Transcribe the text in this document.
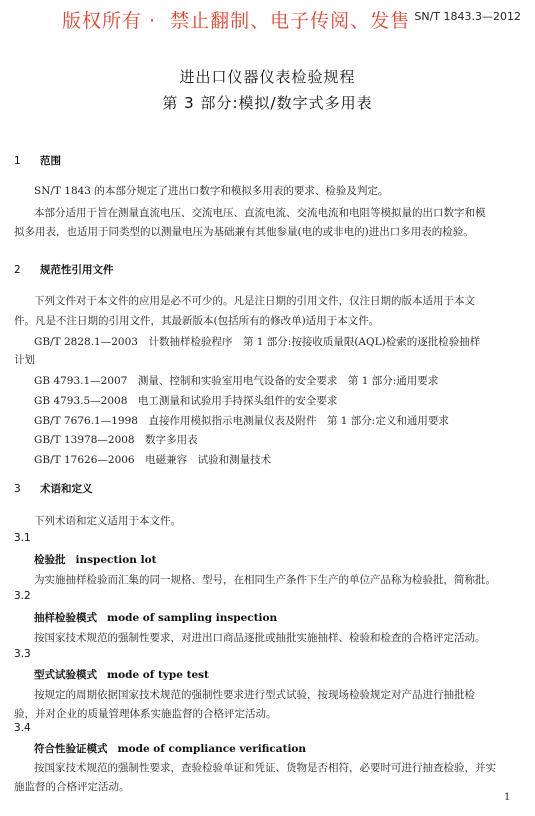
版权所有 · 禁止翻制、电子传阅、发售 SN/T 1843.3—2012
进出口仪器仪表检验规程
第 3 部分:模拟/数字式多用表
1 范围
SN/T 1843 的本部分规定了进出口数字和模拟多用表的要求、检验及判定。
本部分适用于旨在测量直流电压、交流电压、直流电流、交流电流和电阻等模拟量的出口数字和模
拟多用表，也适用于同类型的以测量电压为基础兼有其他参量(电的或非电的)进出口多用表的检验。
2 规范性引用文件
下列文件对于本文件的应用是必不可少的。凡是注日期的引用文件，仅注日期的版本适用于本文
件。凡是不注日期的引用文件，其最新版本(包括所有的修改单)适用于本文件。
GB/T 2828.1—2003　计数抽样检验程序　第 1 部分:按接收质量限(AQL)检索的逐批检验抽样
计划
GB 4793.1—2007　测量、控制和实验室用电气设备的安全要求　第 1 部分:通用要求
GB 4793.5—2008　电工测量和试验用手持探头组件的安全要求
GB/T 7676.1—1998　直接作用模拟指示电测量仪表及附件　第 1 部分:定义和通用要求
GB/T 13978—2008　数字多用表
GB/T 17626—2006　电磁兼容　试验和测量技术
3 术语和定义
下列术语和定义适用于本文件。
3.1
检验批 inspection lot
为实施抽样检验而汇集的同一规格、型号，在相同生产条件下生产的单位产品称为检验批，简称批。
3.2
抽样检验模式 mode of sampling inspection
按国家技术规范的强制性要求，对进出口商品逐批或抽批实施抽样、检验和检查的合格评定活动。
3.3
型式试验模式 mode of type test
按规定的周期依据国家技术规范的强制性要求进行型式试验，按现场检验规定对产品进行抽批检
验，并对企业的质量管理体系实施监督的合格评定活动。
3.4
符合性验证模式 mode of compliance verification
按国家技术规范的强制性要求，查验检验单证和凭证、货物是否相符，必要时可进行抽查检验，并实
施监督的合格评定活动。
1
